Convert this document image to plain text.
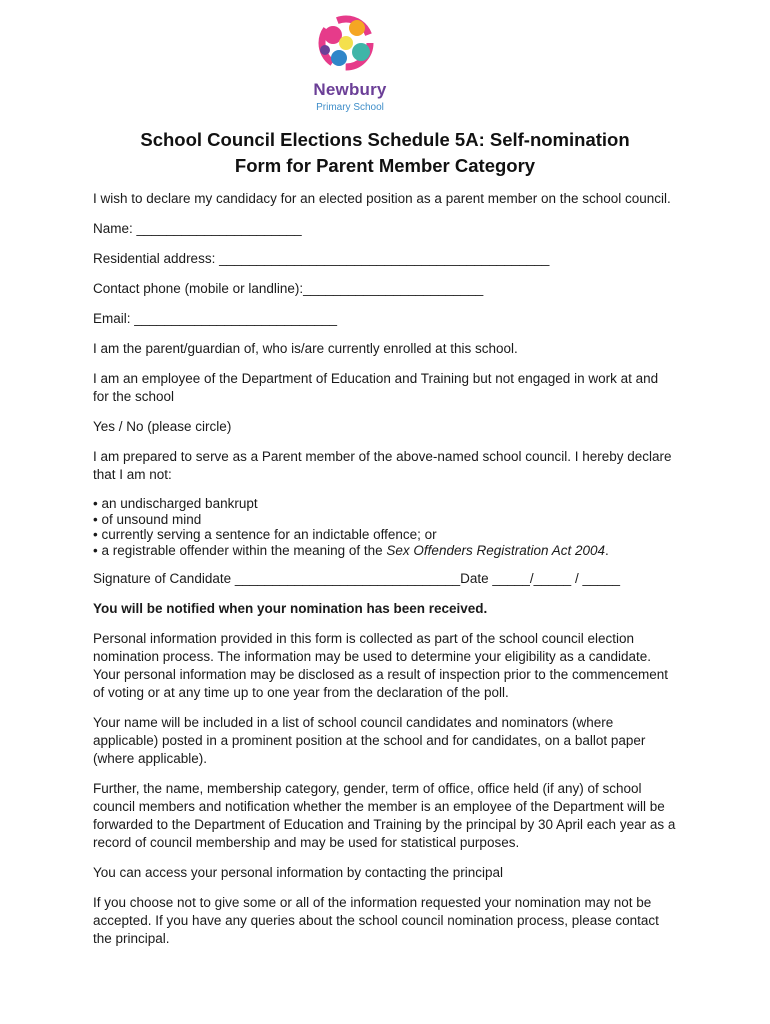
Newbury
Primary School
School Council Elections Schedule 5A: Self-nomination
Form for Parent Member Category

I wish to declare my candidacy for an elected position as a parent member on the school council.

Name: ______________________
Residential address: ____________________________________________
Contact phone (mobile or landline):________________________
Email: ___________________________

I am the parent/guardian of, who is/are currently enrolled at this school.

I am an employee of the Department of Education and Training but not engaged in work at and for the school

Yes / No (please circle)

I am prepared to serve as a Parent member of the above-named school council. I hereby declare that I am not:

• an undischarged bankrupt
• of unsound mind
• currently serving a sentence for an indictable offence; or
• a registrable offender within the meaning of the Sex Offenders Registration Act 2004.
Signature of Candidate ______________________________Date _____/_____ / _____

You will be notified when your nomination has been received.

Personal information provided in this form is collected as part of the school council election nomination process. The information may be used to determine your eligibility as a candidate. Your personal information may be disclosed as a result of inspection prior to the commencement of voting or at any time up to one year from the declaration of the poll.

Your name will be included in a list of school council candidates and nominators (where applicable) posted in a prominent position at the school and for candidates, on a ballot paper (where applicable).

Further, the name, membership category, gender, term of office, office held (if any) of school council members and notification whether the member is an employee of the Department will be forwarded to the Department of Education and Training by the principal by 30 April each year as a record of council membership and may be used for statistical purposes.

You can access your personal information by contacting the principal

If you choose not to give some or all of the information requested your nomination may not be accepted. If you have any queries about the school council nomination process, please contact the principal.
